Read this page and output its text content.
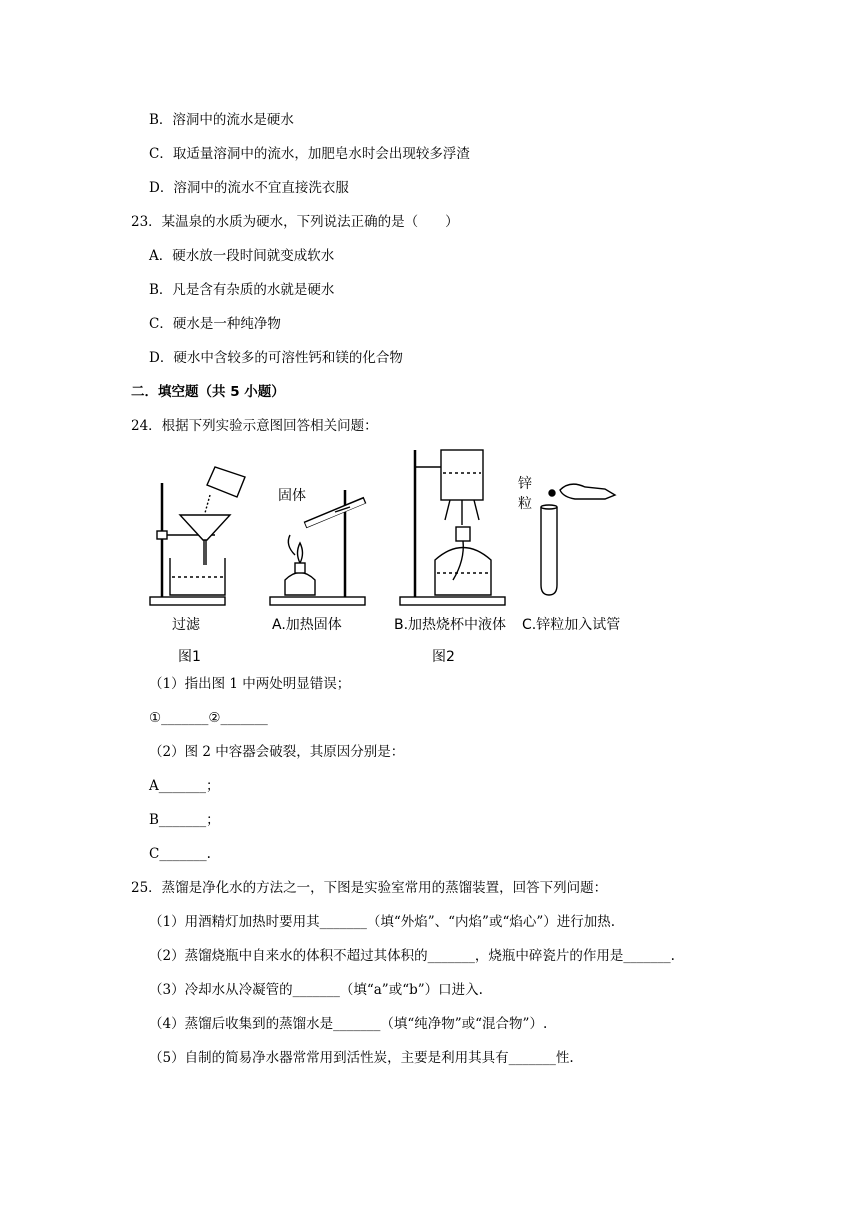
B．溶洞中的流水是硬水
C．取适量溶洞中的流水，加肥皂水时会出现较多浮渣
D．溶洞中的流水不宜直接洗衣服
23．某温泉的水质为硬水，下列说法正确的是（　　）
A．硬水放一段时间就变成软水
B．凡是含有杂质的水就是硬水
C．硬水是一种纯净物
D．硬水中含较多的可溶性钙和镁的化合物
二．填空题（共 5 小题）
24．根据下列实验示意图回答相关问题：
固体
锌粒
过滤	A.加热固体	B.加热烧杯中液体 C.锌粒加入试管
图1	图2
（1）指出图 1 中两处明显错误；
①_______②_______
（2）图 2 中容器会破裂，其原因分别是：
A_______；
B_______；
C_______.
25．蒸馏是净化水的方法之一，下图是实验室常用的蒸馏装置，回答下列问题：
（1）用酒精灯加热时要用其_______（填“外焰”、“内焰”或“焰心”）进行加热.
（2）蒸馏烧瓶中自来水的体积不超过其体积的_______，烧瓶中碎瓷片的作用是_______.
（3）冷却水从冷凝管的_______（填“a”或“b”）口进入.
（4）蒸馏后收集到的蒸馏水是_______（填“纯净物”或“混合物”）.
（5）自制的简易净水器常常用到活性炭，主要是利用其具有_______性.
